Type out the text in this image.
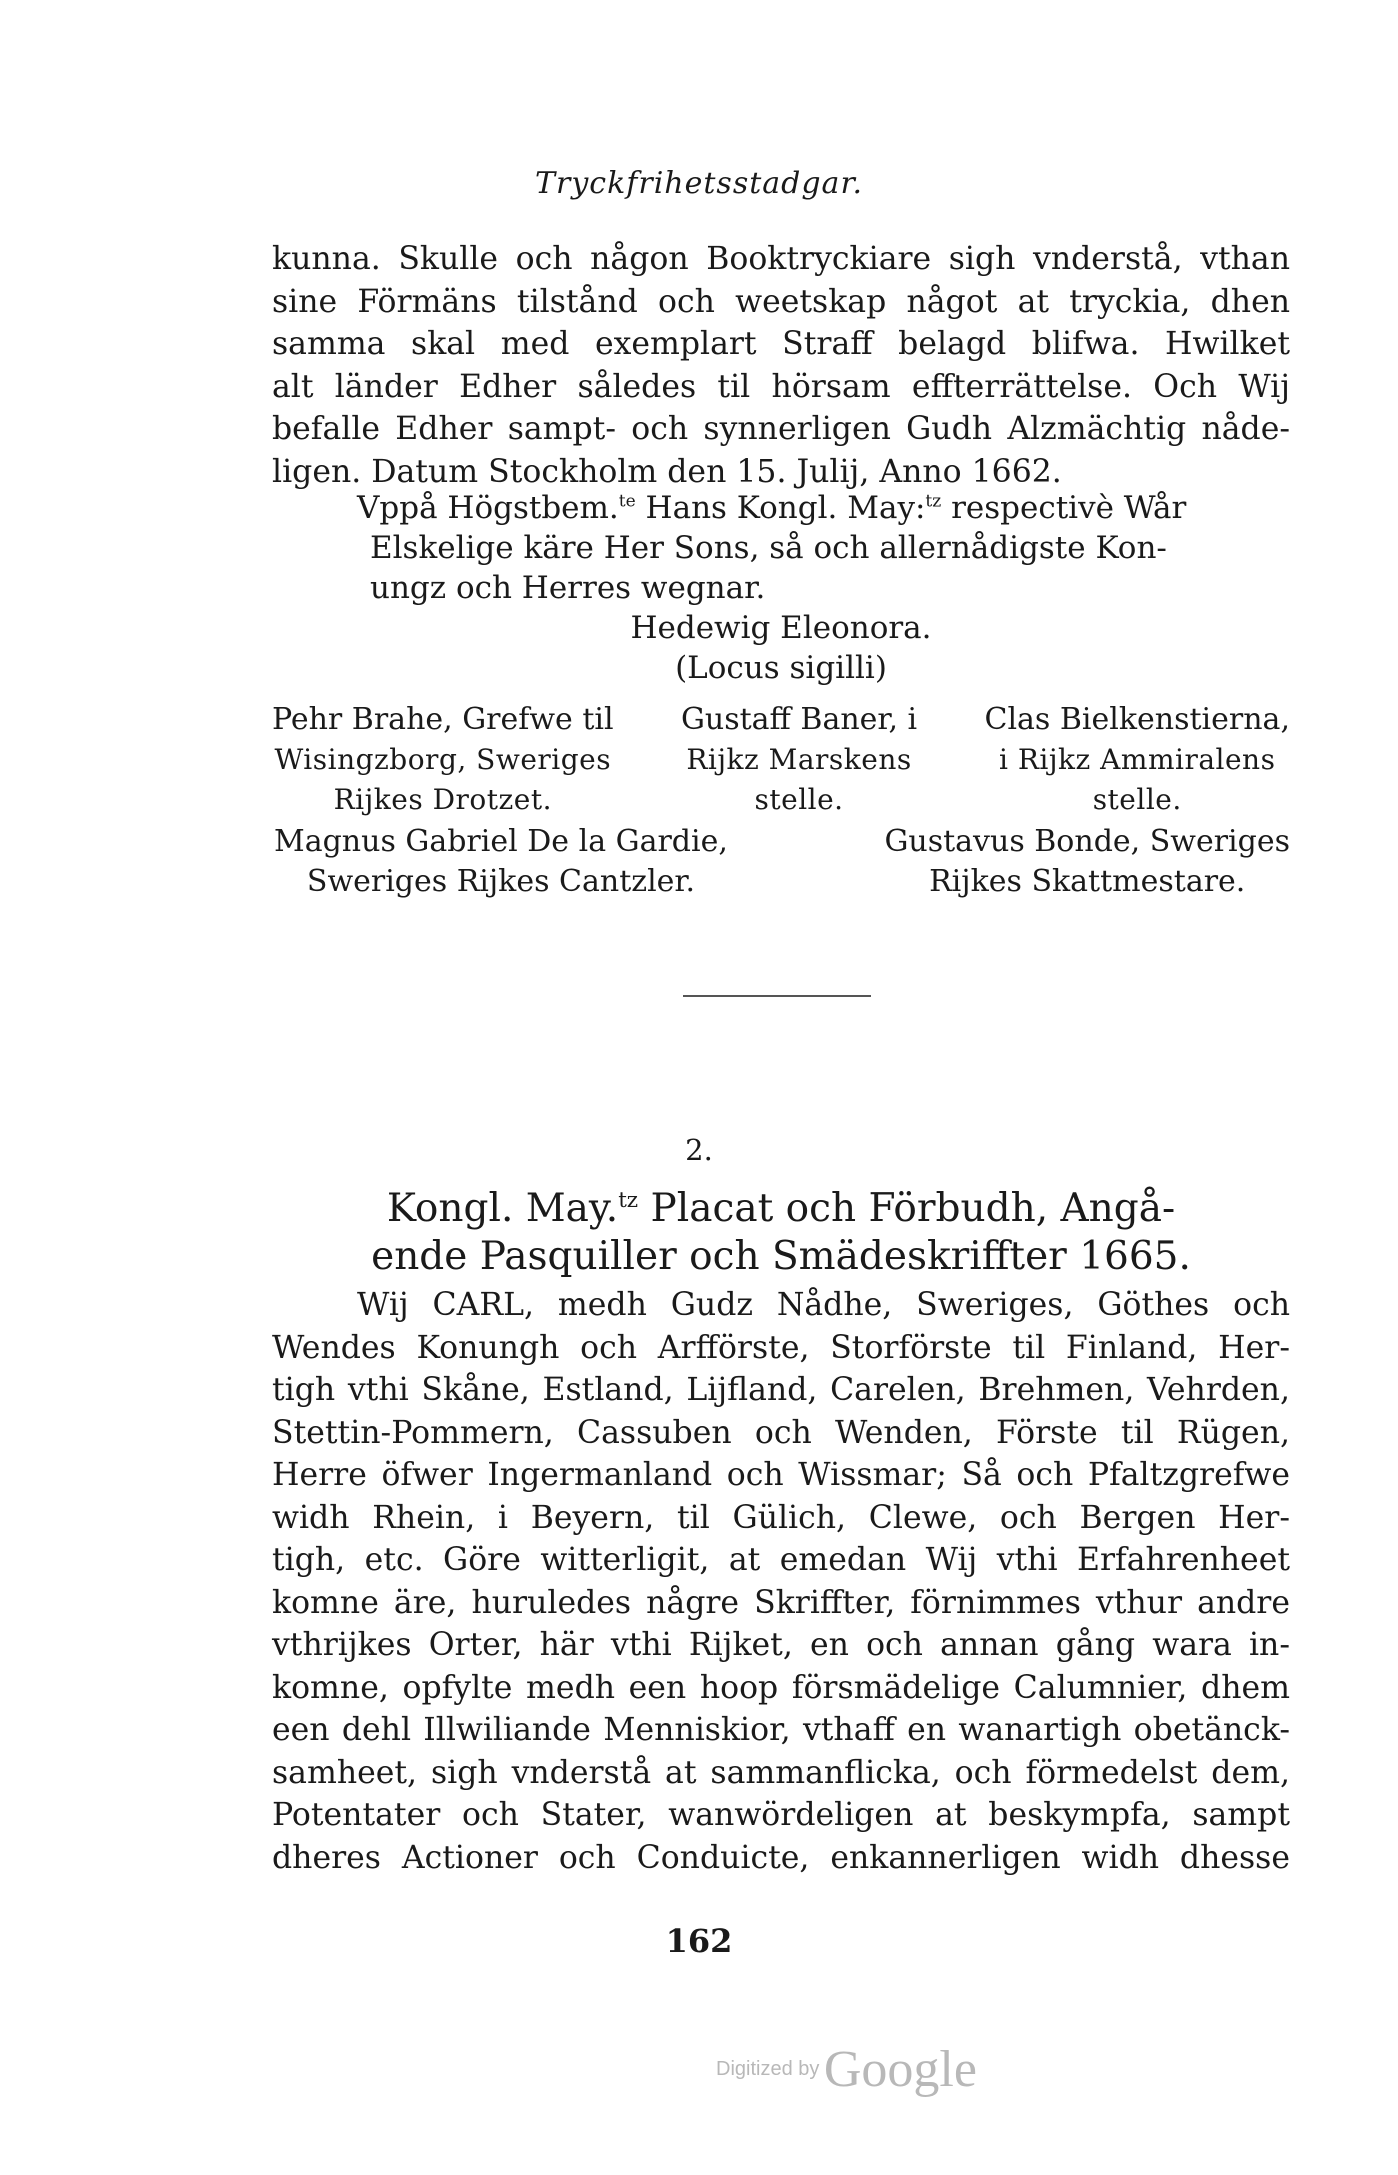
Tryckfrihetsstadgar.
kunna. Skulle och någon Booktryckiare sigh vnderstå, vthan
sine Förmäns tilstånd och weetskap något at tryckia, dhen
samma skal med exemplart Straff belagd blifwa. Hwilket
alt länder Edher således til hörsam effterrättelse. Och Wij
befalle Edher sampt- och synnerligen Gudh Alzmächtig nåde-
ligen. Datum Stockholm den 15. Julij, Anno 1662.
Vppå Högstbem.$^{te}$ Hans Kongl. May:$^{tz}$ respectivè Wår
Elskelige käre Her Sons, så och allernådigste Kon-
ungz och Herres wegnar.
Hedewig Eleonora.
(Locus sigilli)
Pehr Brahe, Grefwe til
Wisingzborg, Sweriges
Rijkes Drotzet.
Gustaff Baner, i
Rijkz Marskens
stelle.
Clas Bielkenstierna,
i Rijkz Ammiralens
stelle.
Magnus Gabriel De la Gardie,
Sweriges Rijkes Cantzler.
Gustavus Bonde, Sweriges
Rijkes Skattmestare.
2.
Kongl. May.$^{tz}$ Placat och Förbudh, Angå-
ende Pasquiller och Smädeskriffter 1665.
Wij CARL, medh Gudz Nådhe, Sweriges, Göthes och
Wendes Konungh och Arfförste, Storförste til Finland, Her-
tigh vthi Skåne, Estland, Lijfland, Carelen, Brehmen, Vehrden,
Stettin-Pommern, Cassuben och Wenden, Förste til Rügen,
Herre öfwer Ingermanland och Wissmar; Så och Pfaltzgrefwe
widh Rhein, i Beyern, til Gülich, Clewe, och Bergen Her-
tigh, etc. Göre witterligit, at emedan Wij vthi Erfahrenheet
komne äre, huruledes någre Skriffter, förnimmes vthur andre
vthrijkes Orter, här vthi Rijket, en och annan gång wara in-
komne, opfylte medh een hoop försmädelige Calumnier, dhem
een dehl Illwiliande Menniskior, vthaff en wanartigh obetänck-
samheet, sigh vnderstå at sammanflicka, och förmedelst dem,
Potentater och Stater, wanwördeligen at beskympfa, sampt
dheres Actioner och Conduicte, enkannerligen widh dhesse
162
Digitized by Google
